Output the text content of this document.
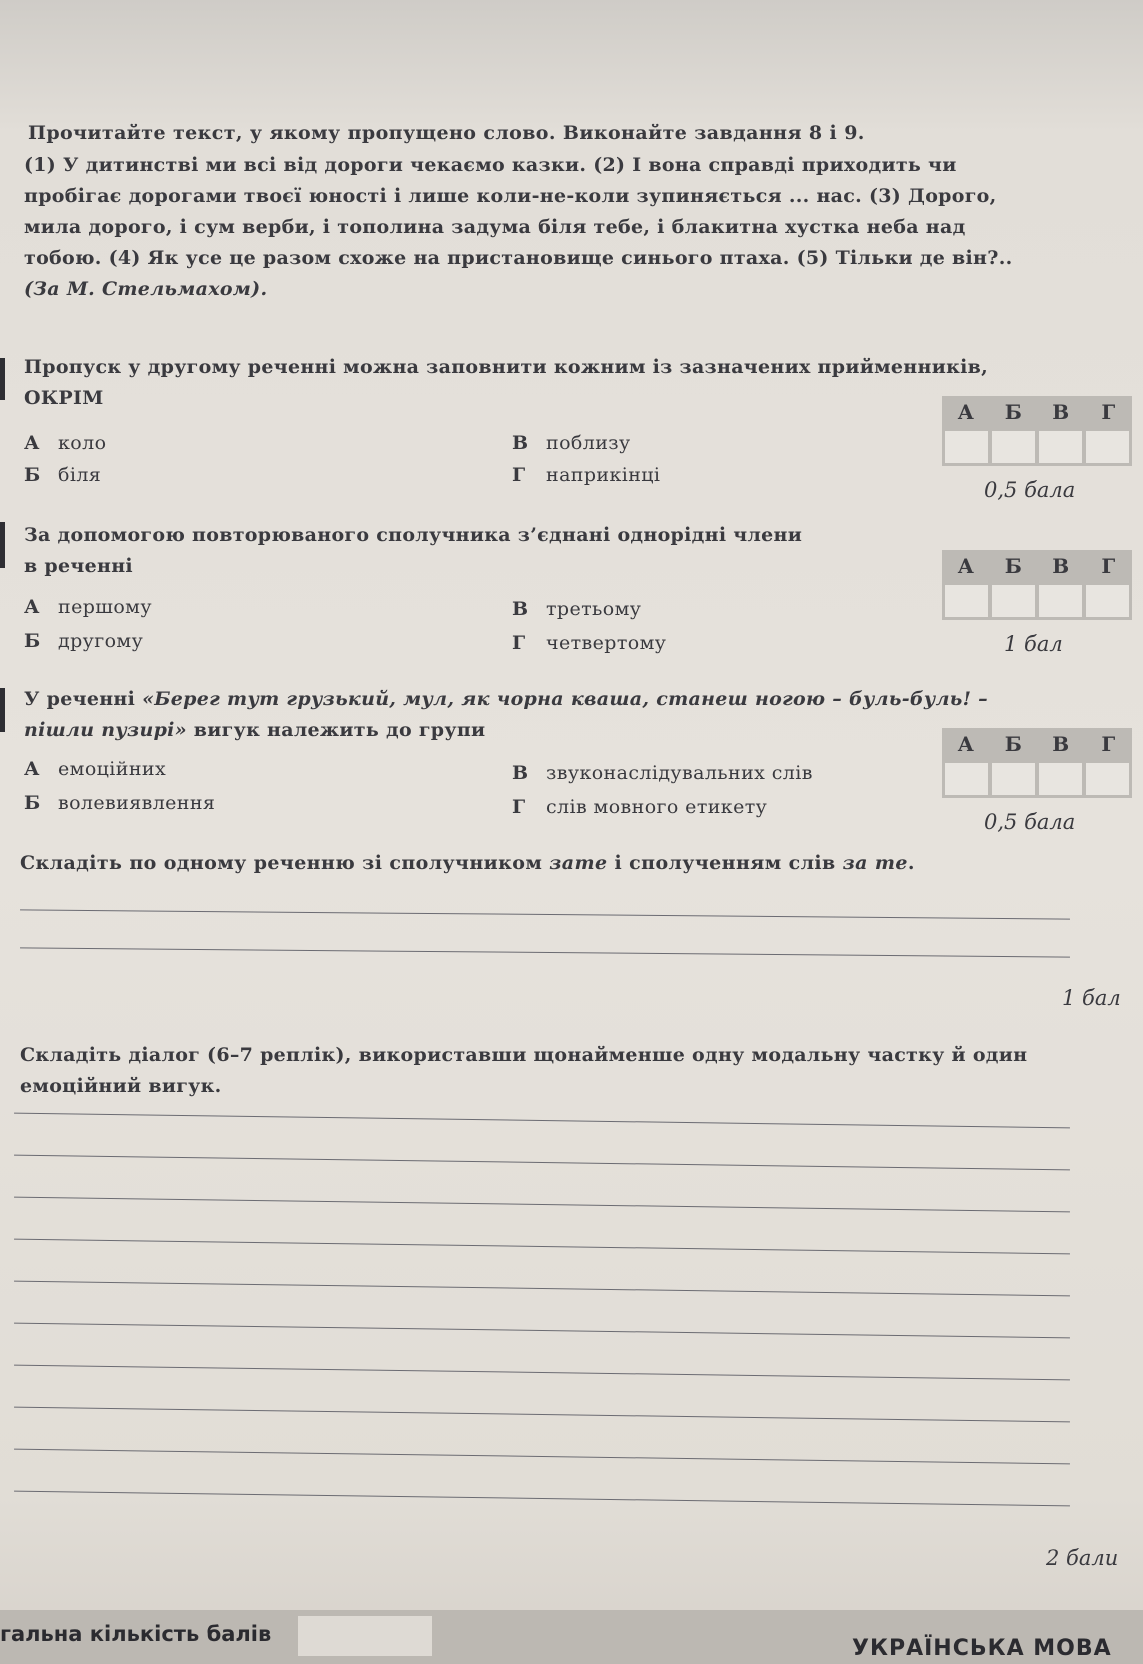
Прочитайте текст, у якому пропущено слово. Виконайте завдання 8 і 9.
(1) У дитинстві ми всі від дороги чекаємо казки. (2) І вона справді приходить чи
пробігає дорогами твоєї юності і лише коли-не-коли зупиняється ... нас. (3) Дорого,
мила дорого, і сум верби, і тополина задума біля тебе, і блакитна хустка неба над
тобою. (4) Як усе це разом схоже на пристановище синього птаха. (5) Тільки де він?..
(За М. Стельмахом).
Пропуск у другому реченні можна заповнити кожним із зазначених прийменників,
ОКРІМ
А коло
Б біля
В поблизу
Г наприкінці
А	Б	В	Г
0,5 бала
За допомогою повторюваного сполучника з’єднані однорідні члени
в реченні
А першому
Б другому
В третьому
Г четвертому
А	Б	В	Г
1 бал
У реченні «Берег тут грузький, мул, як чорна кваша, станеш ногою – буль-буль! –
пішли пузирі» вигук належить до групи
А емоційних
Б волевиявлення
В звуконаслідувальних слів
Г слів мовного етикету
А	Б	В	Г
0,5 бала
Складіть по одному реченню зі сполучником зате і сполученням слів за те.
1 бал
Складіть діалог (6–7 реплік), використавши щонайменше одну модальну частку й один
емоційний вигук.
2 бали
гальна кількість балів
УКРАЇНСЬКА МОВА
